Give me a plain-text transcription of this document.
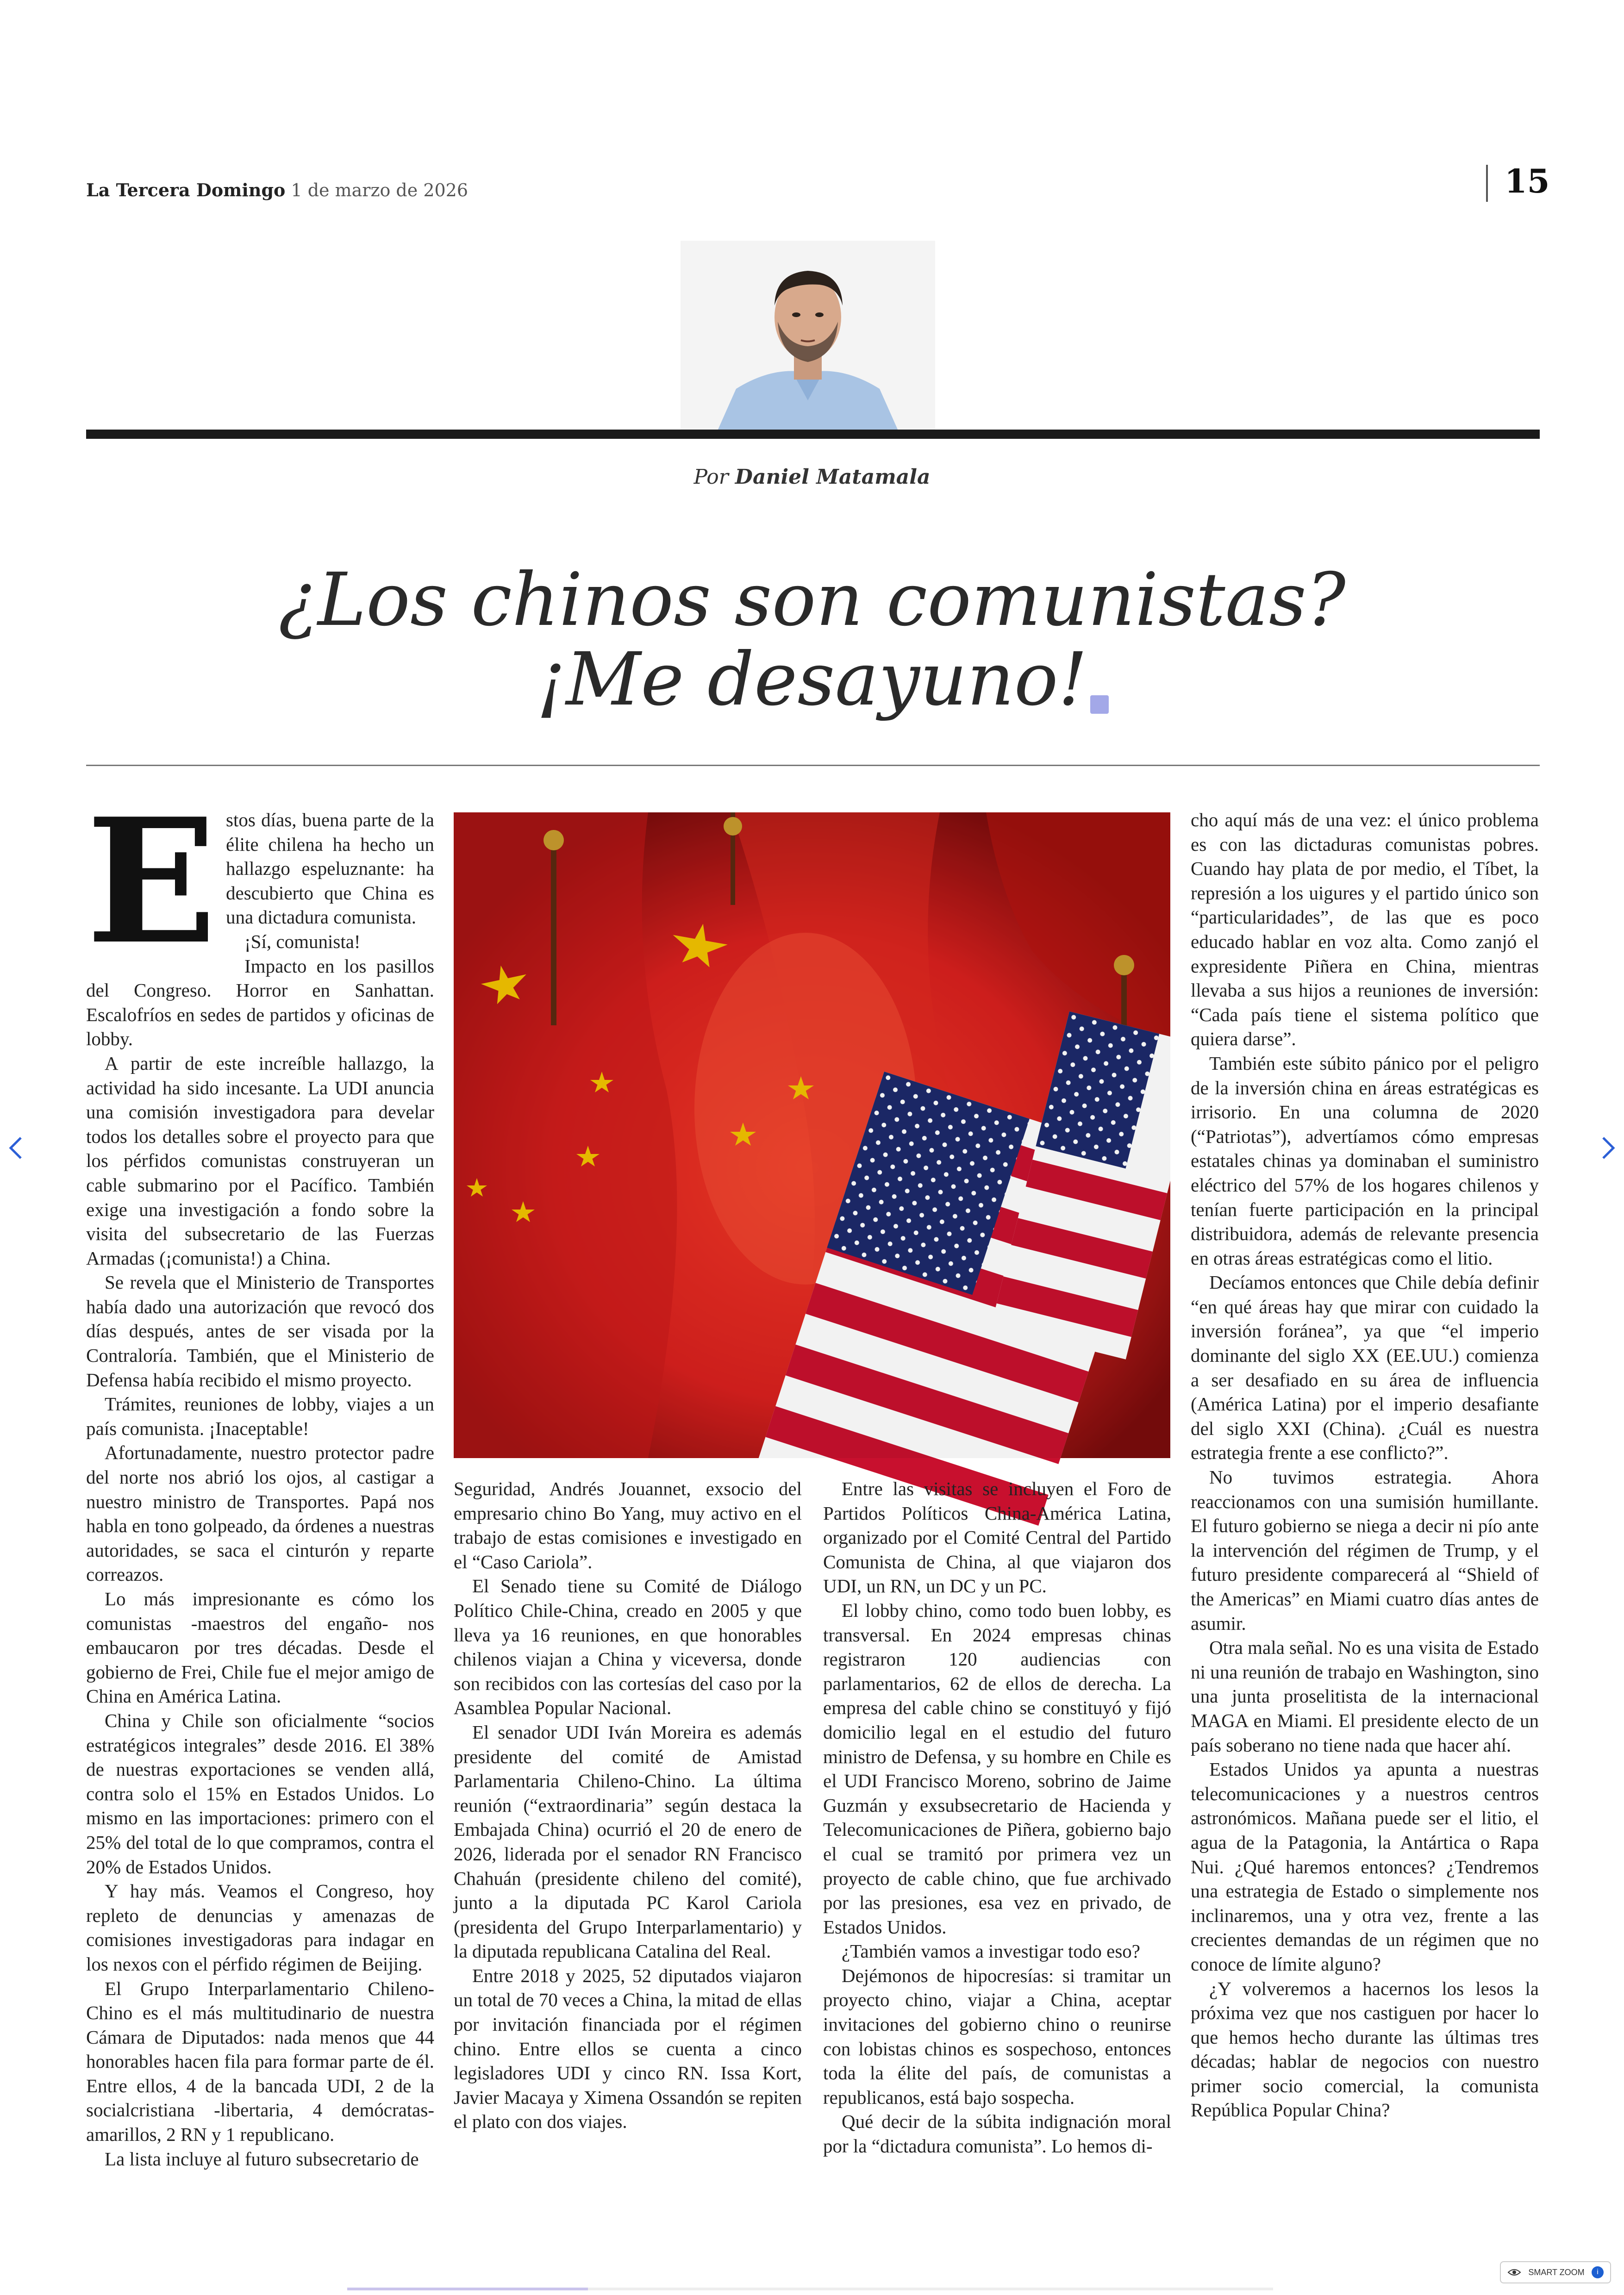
La Tercera Domingo 1 de marzo de 2026	15
Por Daniel Matamala
¿Los chinos son comunistas?
¡Me desayuno!
E stos días, buena parte de la élite chilena ha hecho un hallazgo espeluznante: ha descubierto que China es una dictadura comunista.

¡Sí, comunista!

Impacto en los pasillos del Congreso. Horror en Sanhattan. Escalofríos en sedes de partidos y oficinas de lobby.

A partir de este increíble hallazgo, la actividad ha sido incesante. La UDI anuncia una comisión investigadora para develar todos los detalles sobre el proyecto para que los pérfidos comunistas construyeran un cable submarino por el Pacífico. También exige una investigación a fondo sobre la visita del subsecretario de las Fuerzas Armadas (¡comunista!) a China.

Se revela que el Ministerio de Transportes había dado una autorización que revocó dos días después, antes de ser visada por la Contraloría. También, que el Ministerio de Defensa había recibido el mismo proyecto.

Trámites, reuniones de lobby, viajes a un país comunista. ¡Inaceptable!

Afortunadamente, nuestro protector padre del norte nos abrió los ojos, al castigar a nuestro ministro de Transportes. Papá nos habla en tono golpeado, da órdenes a nuestras autoridades, se saca el cinturón y reparte correazos.

Lo más impresionante es cómo los comunistas -maestros del engaño- nos embaucaron por tres décadas. Desde el gobierno de Frei, Chile fue el mejor amigo de China en América Latina.

China y Chile son oficialmente “socios estratégicos integrales” desde 2016. El 38% de nuestras exportaciones se venden allá, contra solo el 15% en Estados Unidos. Lo mismo en las importaciones: primero con el 25% del total de lo que compramos, contra el 20% de Estados Unidos.

Y hay más. Veamos el Congreso, hoy repleto de denuncias y amenazas de comisiones investigadoras para indagar en los nexos con el pérfido régimen de Beijing.

El Grupo Interparlamentario Chileno-Chino es el más multitudinario de nuestra Cámara de Diputados: nada menos que 44 honorables hacen fila para formar parte de él. Entre ellos, 4 de la bancada UDI, 2 de la socialcristiana -libertaria, 4 demócratas-amarillos, 2 RN y 1 republicano.

La lista incluye al futuro subsecretario de

Seguridad, Andrés Jouannet, exsocio del empresario chino Bo Yang, muy activo en el trabajo de estas comisiones e investigado en el “Caso Cariola”.

El Senado tiene su Comité de Diálogo Político Chile-China, creado en 2005 y que lleva ya 16 reuniones, en que honorables chilenos viajan a China y viceversa, donde son recibidos con las cortesías del caso por la Asamblea Popular Nacional.

El senador UDI Iván Moreira es además presidente del comité de Amistad Parlamentaria Chileno-Chino. La última reunión (“extraordinaria” según destaca la Embajada China) ocurrió el 20 de enero de 2026, liderada por el senador RN Francisco Chahuán (presidente chileno del comité), junto a la diputada PC Karol Cariola (presidenta del Grupo Interparlamentario) y la diputada republicana Catalina del Real.

Entre 2018 y 2025, 52 diputados viajaron un total de 70 veces a China, la mitad de ellas por invitación financiada por el régimen chino. Entre ellos se cuenta a cinco legisladores UDI y cinco RN. Issa Kort, Javier Macaya y Ximena Ossandón se repiten el plato con dos viajes.

Entre las visitas se incluyen el Foro de Partidos Políticos China-América Latina, organizado por el Comité Central del Partido Comunista de China, al que viajaron dos UDI, un RN, un DC y un PC.

El lobby chino, como todo buen lobby, es transversal. En 2024 empresas chinas registraron 120 audiencias con parlamentarios, 62 de ellos de derecha. La empresa del cable chino se constituyó y fijó domicilio legal en el estudio del futuro ministro de Defensa, y su hombre en Chile es el UDI Francisco Moreno, sobrino de Jaime Guzmán y exsubsecretario de Hacienda y Telecomunicaciones de Piñera, gobierno bajo el cual se tramitó por primera vez un proyecto de cable chino, que fue archivado por las presiones, esa vez en privado, de Estados Unidos.

¿También vamos a investigar todo eso?

Dejémonos de hipocresías: si tramitar un proyecto chino, viajar a China, aceptar invitaciones del gobierno chino o reunirse con lobistas chinos es sospechoso, entonces toda la élite del país, de comunistas a republicanos, está bajo sospecha.

Qué decir de la súbita indignación moral por la “dictadura comunista”. Lo hemos di-

cho aquí más de una vez: el único problema es con las dictaduras comunistas pobres. Cuando hay plata de por medio, el Tíbet, la represión a los uigures y el partido único son “particularidades”, de las que es poco educado hablar en voz alta. Como zanjó el expresidente Piñera en China, mientras llevaba a sus hijos a reuniones de inversión: “Cada país tiene el sistema político que quiera darse”.

También este súbito pánico por el peligro de la inversión china en áreas estratégicas es irrisorio. En una columna de 2020 (“Patriotas”), advertíamos cómo empresas estatales chinas ya dominaban el suministro eléctrico del 57% de los hogares chilenos y tenían fuerte participación en la principal distribuidora, además de relevante presencia en otras áreas estratégicas como el litio.

Decíamos entonces que Chile debía definir “en qué áreas hay que mirar con cuidado la inversión foránea”, ya que “el imperio dominante del siglo XX (EE.UU.) comienza a ser desafiado en su área de influencia (América Latina) por el imperio desafiante del siglo XXI (China). ¿Cuál es nuestra estrategia frente a ese conflicto?”.

No tuvimos estrategia. Ahora reaccionamos con una sumisión humillante. El futuro gobierno se niega a decir ni pío ante la intervención del régimen de Trump, y el futuro presidente comparecerá al “Shield of the Americas” en Miami cuatro días antes de asumir.

Otra mala señal. No es una visita de Estado ni una reunión de trabajo en Washington, sino una junta proselitista de la internacional MAGA en Miami. El presidente electo de un país soberano no tiene nada que hacer ahí.

Estados Unidos ya apunta a nuestras telecomunicaciones y a nuestros centros astronómicos. Mañana puede ser el litio, el agua de la Patagonia, la Antártica o Rapa Nui. ¿Qué haremos entonces? ¿Tendremos una estrategia de Estado o simplemente nos inclinaremos, una y otra vez, frente a las crecientes demandas de un régimen que no conoce de límite alguno?

¿Y volveremos a hacernos los lesos la próxima vez que nos castiguen por hacer lo que hemos hecho durante las últimas tres décadas; hablar de negocios con nuestro primer socio comercial, la comunista República Popular China?

SMART ZOOM	i
